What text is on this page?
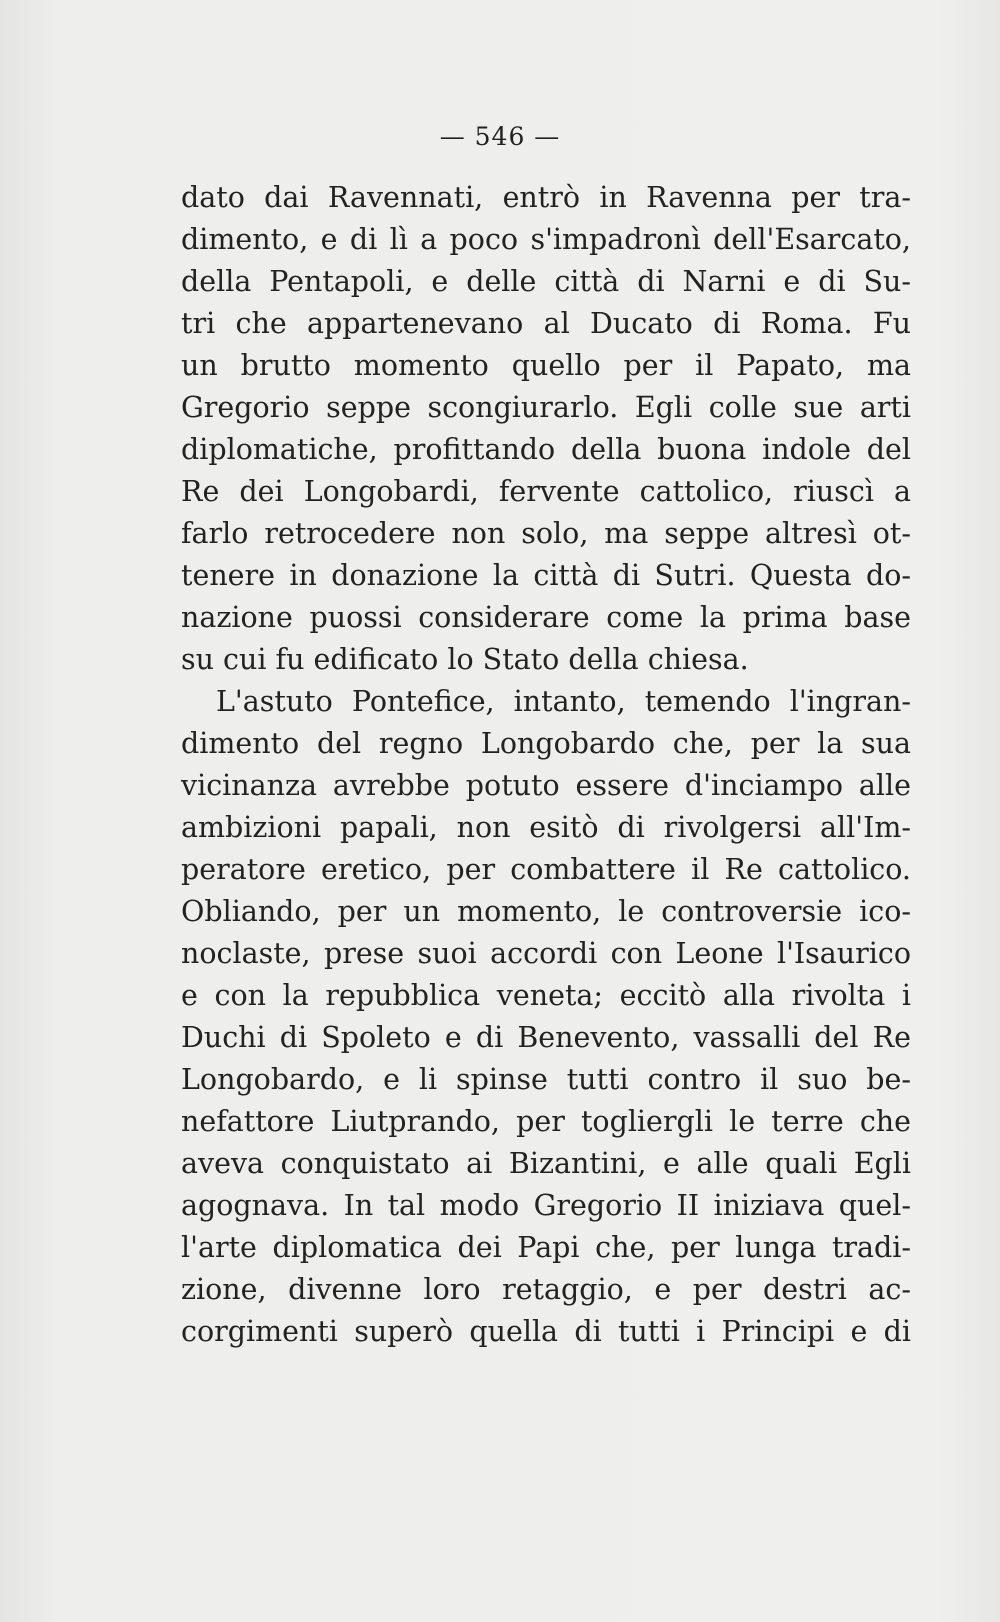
— 546 —
dato dai Ravennati, entrò in Ravenna per tra-
dimento, e di lì a poco s'impadronì dell'Esarcato,
della Pentapoli, e delle città di Narni e di Su-
tri che appartenevano al Ducato di Roma. Fu
un brutto momento quello per il Papato, ma
Gregorio seppe scongiurarlo. Egli colle sue arti
diplomatiche, profittando della buona indole del
Re dei Longobardi, fervente cattolico, riuscì a
farlo retrocedere non solo, ma seppe altresì ot-
tenere in donazione la città di Sutri. Questa do-
nazione puossi considerare come la prima base
su cui fu edificato lo Stato della chiesa.
L'astuto Pontefice, intanto, temendo l'ingran-
dimento del regno Longobardo che, per la sua
vicinanza avrebbe potuto essere d'inciampo alle
ambizioni papali, non esitò di rivolgersi all'Im-
peratore eretico, per combattere il Re cattolico.
Obliando, per un momento, le controversie ico-
noclaste, prese suoi accordi con Leone l'Isaurico
e con la repubblica veneta; eccitò alla rivolta i
Duchi di Spoleto e di Benevento, vassalli del Re
Longobardo, e li spinse tutti contro il suo be-
nefattore Liutprando, per togliergli le terre che
aveva conquistato ai Bizantini, e alle quali Egli
agognava. In tal modo Gregorio II iniziava quel-
l'arte diplomatica dei Papi che, per lunga tradi-
zione, divenne loro retaggio, e per destri ac-
corgimenti superò quella di tutti i Principi e di
